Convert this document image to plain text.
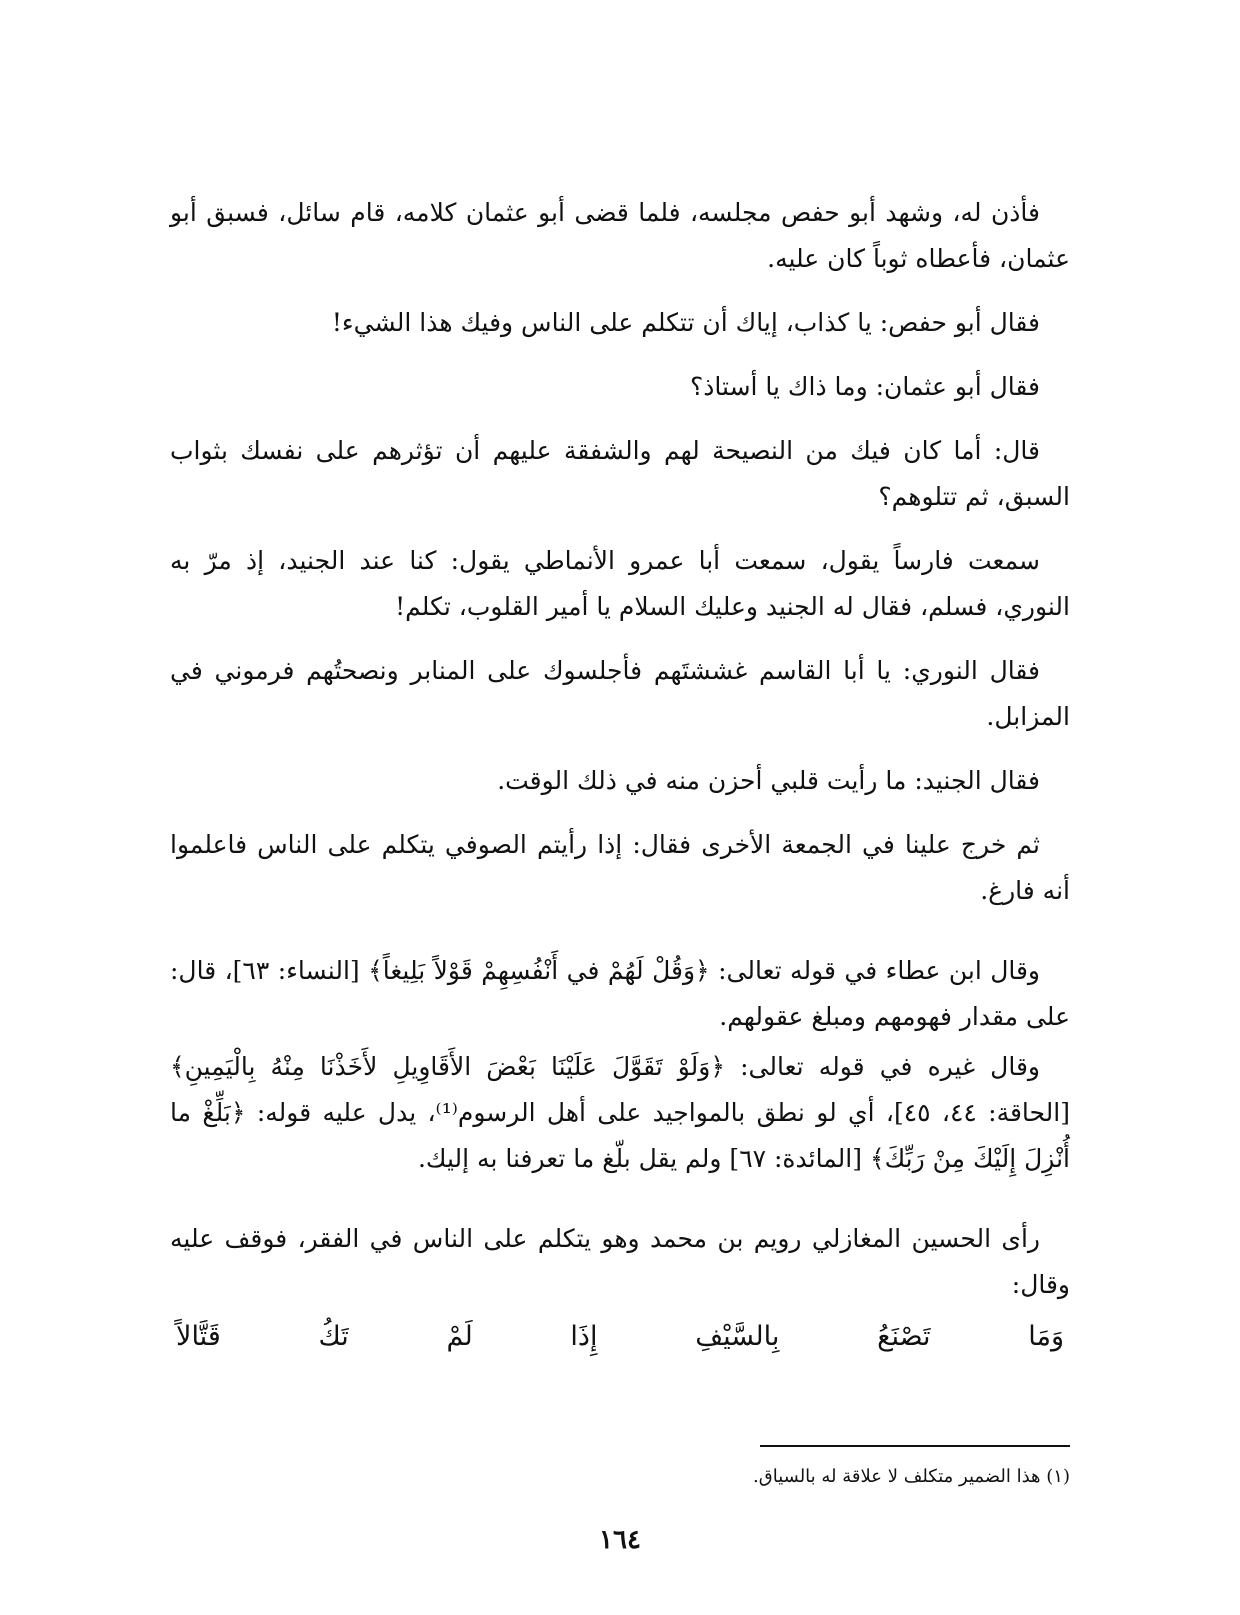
فأذن له، وشهد أبو حفص مجلسه، فلما قضى أبو عثمان كلامه، قام سائل، فسبق أبو عثمان، فأعطاه ثوباً كان عليه.

فقال أبو حفص: يا كذاب، إياك أن تتكلم على الناس وفيك هذا الشيء!

فقال أبو عثمان: وما ذاك يا أستاذ؟

قال: أما كان فيك من النصيحة لهم والشفقة عليهم أن تؤثرهم على نفسك بثواب السبق، ثم تتلوهم؟

سمعت فارساً يقول، سمعت أبا عمرو الأنماطي يقول: كنا عند الجنيد، إذ مرّ به النوري، فسلم، فقال له الجنيد وعليك السلام يا أمير القلوب، تكلم!

فقال النوري: يا أبا القاسم غششتَهم فأجلسوك على المنابر ونصحتُهم فرموني في المزابل.

فقال الجنيد: ما رأيت قلبي أحزن منه في ذلك الوقت.

ثم خرج علينا في الجمعة الأخرى فقال: إذا رأيتم الصوفي يتكلم على الناس فاعلموا أنه فارغ.

وقال ابن عطاء في قوله تعالى: ﴿وَقُلْ لَهُمْ في أَنْفُسِهِمْ قَوْلاً بَلِيغاً﴾ [النساء: ٦٣]، قال: على مقدار فهومهم ومبلغ عقولهم.

وقال غيره في قوله تعالى: ﴿وَلَوْ تَقَوَّلَ عَلَيْنَا بَعْضَ الأَقَاوِيلِ لأَخَذْنَا مِنْهُ بِالْيَمِينِ﴾ [الحاقة: ٤٤، ٤٥]، أي لو نطق بالمواجيد على أهل الرسوم⁽¹⁾، يدل عليه قوله: ﴿بَلِّغْ ما أُنْزِلَ إِلَيْكَ مِنْ رَبِّكَ﴾ [المائدة: ٦٧] ولم يقل بلّغ ما تعرفنا به إليك.

رأى الحسين المغازلي رويم بن محمد وهو يتكلم على الناس في الفقر، فوقف عليه وقال:

وَمَا
تَصْنَعُ
بِالسَّيْفِ
إِذَا
لَمْ
تَكُ
قَتَّالاً
(١) هذا الضمير متكلف لا علاقة له بالسياق.
١٦٤
